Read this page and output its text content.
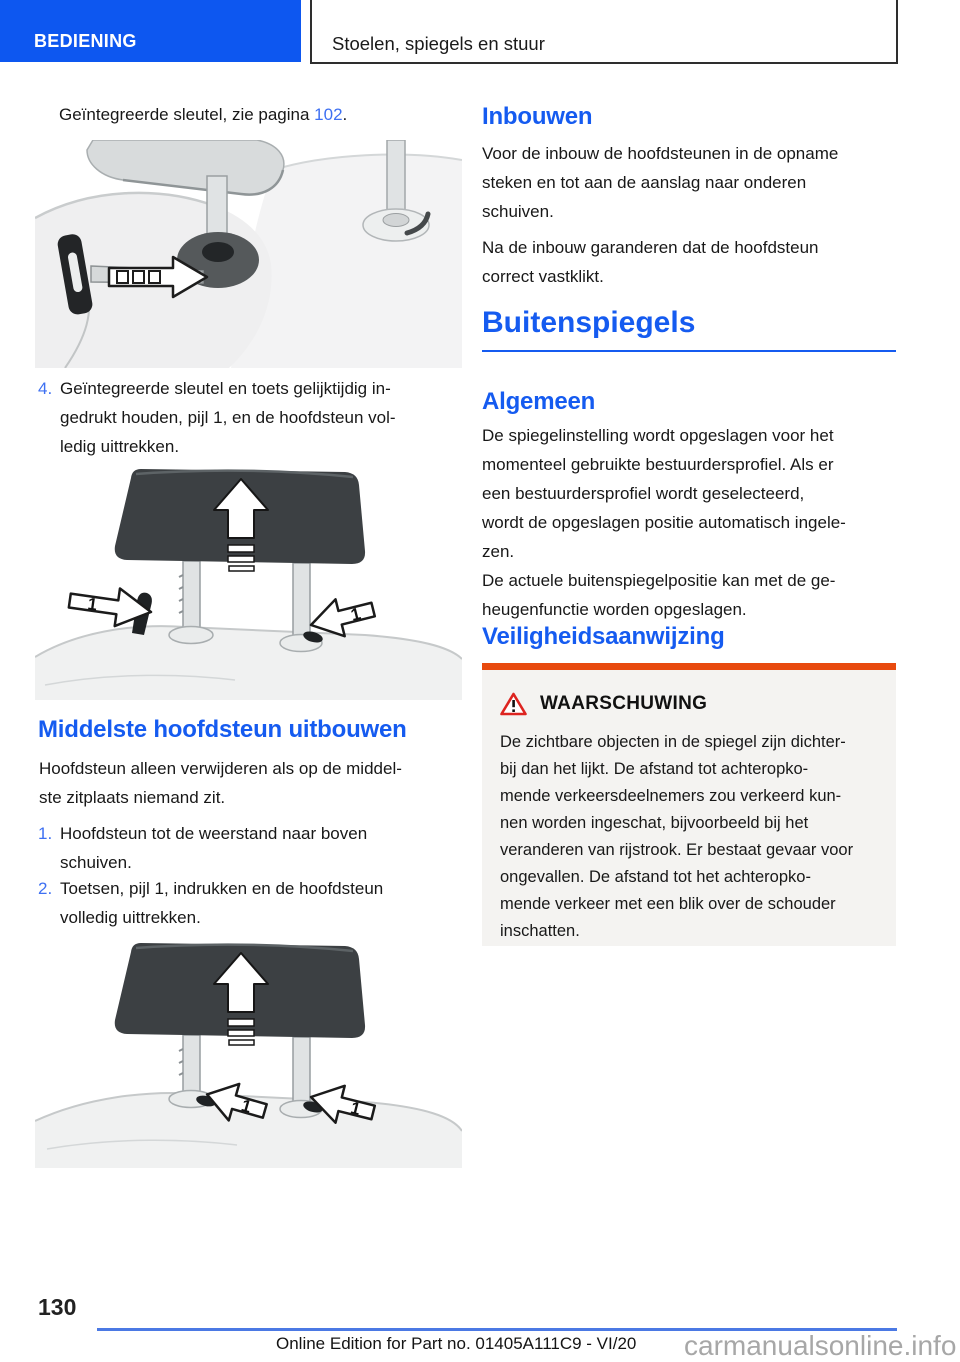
BEDIENING	Stoelen, spiegels en stuur
Geïntegreerde sleutel, zie pagina 102.
4. Geïntegreerde sleutel en toets gelijktijdig in-
gedrukt houden, pijl 1, en de hoofdsteun vol-
ledig uittrekken.
1	1
Middelste hoofdsteun uitbouwen
Hoofdsteun alleen verwijderen als op de middel-
ste zitplaats niemand zit.
1. Hoofdsteun tot de weerstand naar boven
schuiven.
2. Toetsen, pijl 1, indrukken en de hoofdsteun
volledig uittrekken.
1	1
Inbouwen
Voor de inbouw de hoofdsteunen in de opname
steken en tot aan de aanslag naar onderen
schuiven.
Na de inbouw garanderen dat de hoofdsteun
correct vastklikt.
Buitenspiegels
Algemeen
De spiegelinstelling wordt opgeslagen voor het
momenteel gebruikte bestuurdersprofiel. Als er
een bestuurdersprofiel wordt geselecteerd,
wordt de opgeslagen positie automatisch ingele-
zen.
De actuele buitenspiegelpositie kan met de ge-
heugenfunctie worden opgeslagen.
Veiligheidsaanwijzing
WAARSCHUWING
De zichtbare objecten in de spiegel zijn dichter-
bij dan het lijkt. De afstand tot achteropko-
mende verkeersdeelnemers zou verkeerd kun-
nen worden ingeschat, bijvoorbeeld bij het
veranderen van rijstrook. Er bestaat gevaar voor
ongevallen. De afstand tot het achteropko-
mende verkeer met een blik over de schouder
inschatten.
130
Online Edition for Part no. 01405A111C9 - VI/20 carmanualsonline.info
